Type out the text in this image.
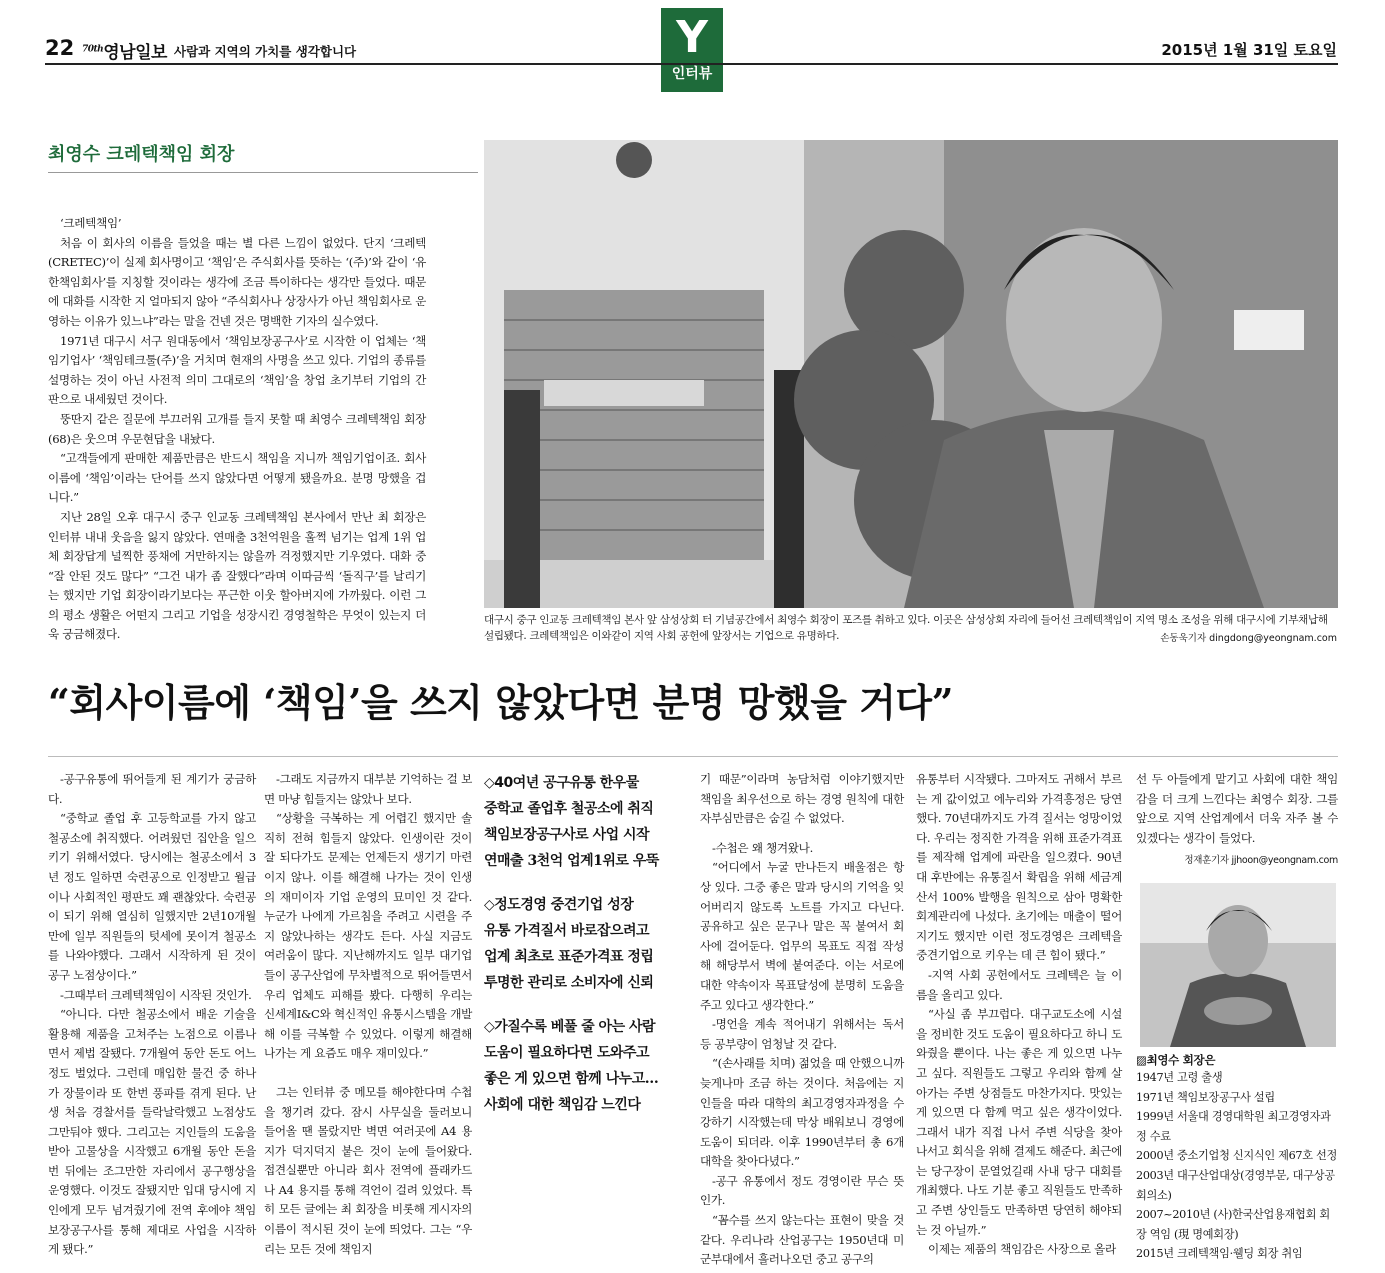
22 $^{70th}$영남일보 사람과 지역의 가치를 생각합니다	Y
인터뷰
2015년 1월 31일 토요일
최영수 크레텍책임 회장

‘크레텍책임’

처음 이 회사의 이름을 들었을 때는 별 다른 느낌이 없었다. 단지 ‘크레텍(CRETEC)’이 실제 회사명이고 ‘책임’은 주식회사를 뜻하는 ‘(주)’와 같이 ‘유한책임회사’를 지칭할 것이라는 생각에 조금 특이하다는 생각만 들었다. 때문에 대화를 시작한 지 얼마되지 않아 “주식회사나 상장사가 아닌 책임회사로 운영하는 이유가 있느냐”라는 말을 건넨 것은 명백한 기자의 실수였다.

1971년 대구시 서구 원대동에서 ‘책임보장공구사’로 시작한 이 업체는 ‘책임기업사’ ‘책임테크툴(주)’을 거치며 현재의 사명을 쓰고 있다. 기업의 종류를 설명하는 것이 아닌 사전적 의미 그대로의 ‘책임’을 창업 초기부터 기업의 간판으로 내세웠던 것이다.

뚱딴지 같은 질문에 부끄러워 고개를 들지 못할 때 최영수 크레텍책임 회장(68)은 웃으며 우문현답을 내놨다.

“고객들에게 판매한 제품만큼은 반드시 책임을 지니까 책임기업이죠. 회사이름에 ‘책임’이라는 단어를 쓰지 않았다면 어떻게 됐을까요. 분명 망했을 겁니다.”

지난 28일 오후 대구시 중구 인교동 크레텍책임 본사에서 만난 최 회장은 인터뷰 내내 웃음을 잃지 않았다. 연매출 3천억원을 훌쩍 넘기는 업계 1위 업체 회장답게 널찍한 풍채에 거만하지는 않을까 걱정했지만 기우였다. 대화 중 “잘 안된 것도 많다” “그건 내가 좀 잘했다”라며 이따금씩 ‘돌직구’를 날리기는 했지만 기업 회장이라기보다는 푸근한 이웃 할아버지에 가까웠다. 이런 그의 평소 생활은 어떤지 그리고 기업을 성장시킨 경영철학은 무엇이 있는지 더욱 궁금해졌다.

대구시 중구 인교동 크레텍책임 본사 앞 삼성상회 터 기념공간에서 최영수 회장이 포즈를 취하고 있다. 이곳은 삼성상회 자리에 들어선 크레텍책임이 지역 명소 조성을 위해 대구시에 기부채납해 설립됐다. 크레텍책임은 이와같이 지역 사회 공헌에 앞장서는 기업으로 유명하다.	손동욱기자 dingdong@yeongnam.com
“회사이름에 ‘책임’을 쓰지 않았다면 분명 망했을 거다”

-공구유통에 뛰어들게 된 계기가 궁금하다.

“중학교 졸업 후 고등학교를 가지 않고 철공소에 취직했다. 어려웠던 집안을 일으키기 위해서였다. 당시에는 철공소에서 3년 정도 일하면 숙련공으로 인정받고 월급이나 사회적인 평판도 꽤 괜찮았다. 숙련공이 되기 위해 열심히 일했지만 2년10개월 만에 일부 직원들의 텃세에 못이겨 철공소를 나와야했다. 그래서 시작하게 된 것이 공구 노점상이다.”

-그때부터 크레텍책임이 시작된 것인가.

“아니다. 다만 철공소에서 배운 기술을 활용해 제품을 고쳐주는 노점으로 이름나면서 제법 잘됐다. 7개월여 동안 돈도 어느 정도 벌었다. 그런데 매입한 물건 중 하나가 장물이라 또 한번 풍파를 겪게 된다. 난생 처음 경찰서를 들락날락했고 노점상도 그만둬야 했다. 그리고는 지인들의 도움을 받아 고물상을 시작했고 6개월 동안 돈을 번 뒤에는 조그만한 자리에서 공구행상을 운영했다. 이것도 잘됐지만 입대 당시에 지인에게 모두 넘겨줬기에 전역 후에야 책임보장공구사를 통해 제대로 사업을 시작하게 됐다.”

-그래도 지금까지 대부분 기억하는 걸 보면 마냥 힘들지는 않았나 보다.

“상황을 극복하는 게 어렵긴 했지만 솔직히 전혀 힘들지 않았다. 인생이란 것이 잘 되다가도 문제는 언제든지 생기기 마련이지 않나. 이를 해결해 나가는 것이 인생의 재미이자 기업 운영의 묘미인 것 같다. 누군가 나에게 가르침을 주려고 시련을 주지 않았나하는 생각도 든다. 사실 지금도 여러움이 많다. 지난해까지도 일부 대기업들이 공구산업에 무차별적으로 뛰어들면서 우리 업체도 피해를 봤다. 다행히 우리는 신세계I&C와 혁신적인 유통시스템을 개발해 이를 극복할 수 있었다. 이렇게 해결해 나가는 게 요즘도 매우 재미있다.”

그는 인터뷰 중 메모를 해야한다며 수첩을 챙기려 갔다. 잠시 사무실을 둘러보니 들어올 땐 몰랐지만 벽면 여러곳에 A4 용지가 덕지덕지 붙은 것이 눈에 들어왔다. 접견실뿐만 아니라 회사 전역에 플래카드나 A4 용지를 통해 격언이 걸려 있었다. 특히 모든 글에는 최 회장을 비롯해 게시자의 이름이 적시된 것이 눈에 띄었다. 그는 “우리는 모든 것에 책임지

◇40여년 공구유통 한우물
중학교 졸업후 철공소에 취직
책임보장공구사로 사업 시작
연매출 3천억 업계1위로 우뚝
◇정도경영 중견기업 성장
유통 가격질서 바로잡으려고
업계 최초로 표준가격표 정립
투명한 관리로 소비자에 신뢰
◇가질수록 베풀 줄 아는 사람
도움이 필요하다면 도와주고
좋은 게 있으면 함께 나누고…
사회에 대한 책임감 느낀다

기 때문”이라며 농담처럼 이야기했지만 책임을 최우선으로 하는 경영 원칙에 대한 자부심만큼은 숨길 수 없었다.

-수첩은 왜 챙겨왔나.

“어디에서 누굴 만나든지 배울점은 항상 있다. 그중 좋은 말과 당시의 기억을 잊어버리지 않도록 노트를 가지고 다닌다. 공유하고 싶은 문구나 말은 꼭 붙여서 회사에 걸어둔다. 업무의 목표도 직접 작성해 해당부서 벽에 붙여준다. 이는 서로에 대한 약속이자 목표달성에 분명히 도움을 주고 있다고 생각한다.”

-명언을 계속 적어내기 위해서는 독서 등 공부량이 엄청날 것 같다.

“(손사래를 치며) 젊었을 때 안했으니까 늦게나마 조금 하는 것이다. 처음에는 지인들을 따라 대학의 최고경영자과정을 수강하기 시작했는데 막상 배워보니 경영에 도움이 되더라. 이후 1990년부터 총 6개 대학을 찾아다녔다.”

-공구 유통에서 정도 경영이란 무슨 뜻인가.

“꼼수를 쓰지 않는다는 표현이 맞을 것 같다. 우리나라 산업공구는 1950년대 미군부대에서 흘러나오던 중고 공구의

유통부터 시작됐다. 그마저도 귀해서 부르는 게 값이었고 에누리와 가격흥정은 당연했다. 70년대까지도 가격 질서는 엉망이었다. 우리는 정직한 가격을 위해 표준가격표를 제작해 업계에 파란을 일으켰다. 90년대 후반에는 유통질서 확립을 위해 세금계산서 100% 발행을 원칙으로 삼아 명확한 회계관리에 나섰다. 초기에는 매출이 떨어지기도 했지만 이런 정도경영은 크레텍을 중견기업으로 키우는 데 큰 힘이 됐다.”

-지역 사회 공헌에서도 크레텍은 늘 이름을 올리고 있다.

“사실 좀 부끄럽다. 대구교도소에 시설을 정비한 것도 도움이 필요하다고 하니 도와줬을 뿐이다. 나는 좋은 게 있으면 나누고 싶다. 직원들도 그렇고 우리와 함께 살아가는 주변 상점들도 마찬가지다. 맛있는 게 있으면 다 함께 먹고 싶은 생각이었다. 그래서 내가 직접 나서 주변 식당을 찾아 나서고 회식을 위해 결제도 해준다. 최근에는 당구장이 문열었길래 사내 당구 대회를 개최했다. 나도 기분 좋고 직원들도 만족하고 주변 상인들도 만족하면 당연히 해야되는 것 아닐까.”

이제는 제품의 책임감은 사장으로 올라

선 두 아들에게 맡기고 사회에 대한 책임감을 더 크게 느낀다는 최영수 회장. 그를 앞으로 지역 산업계에서 더욱 자주 볼 수 있겠다는 생각이 들었다.

정재훈기자 jjhoon@yeongnam.com
▨최영수 회장은
1947년 고령 출생
1971년 책임보장공구사 설립
1999년 서울대 경영대학원 최고경영자과정 수료
2000년 중소기업청 신지식인 제67호 선정
2003년 대구산업대상(경영부문, 대구상공회의소)
2007~2010년 (사)한국산업용재협회 회장 역임 (現 명예회장)
2015년 크레텍책임·웰딩 회장 취임
